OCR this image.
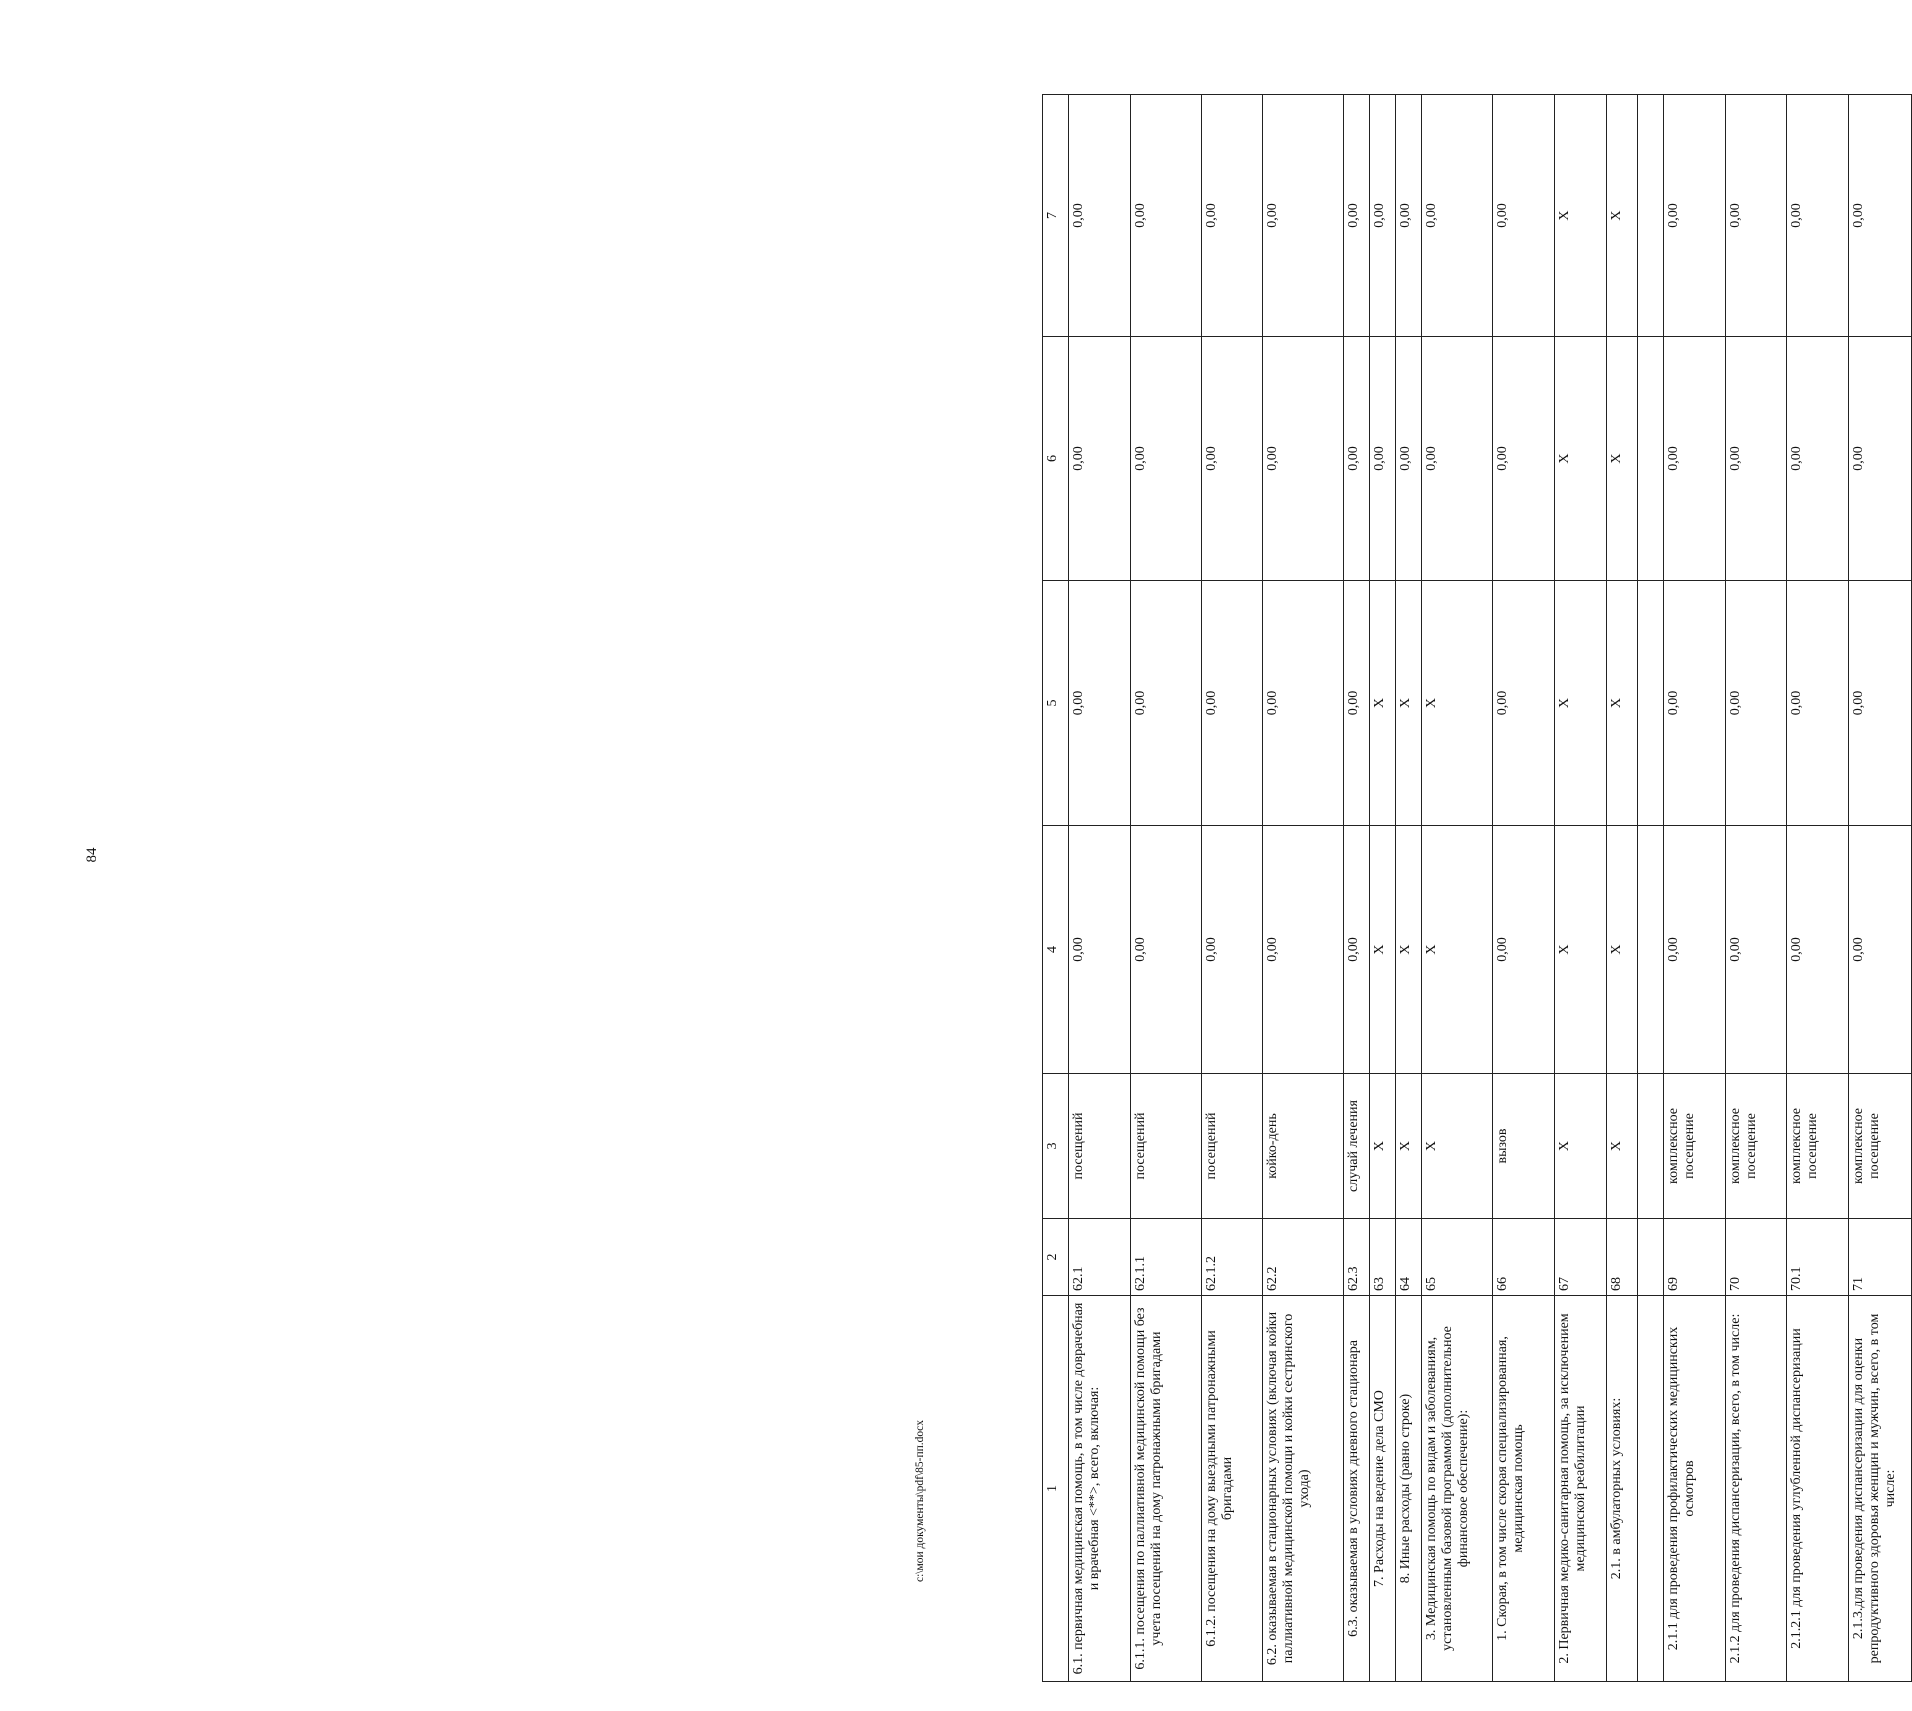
84
1	2	3	4	5	6	7
6.1. первичная медицинская помощь, в том числе доврачебная и врачебная <**>, всего, включая:	62.1	посещений	0,00	0,00	0,00	0,00
6.1.1. посещения по паллиативной медицинской помощи без учета посещений на дому патронажными бригадами	62.1.1	посещений	0,00	0,00	0,00	0,00
6.1.2. посещения на дому выездными патронажными бригадами	62.1.2	посещений	0,00	0,00	0,00	0,00
6.2. оказываемая в стационарных условиях (включая койки паллиативной медицинской помощи и койки сестринского ухода)	62.2	койко-день	0,00	0,00	0,00	0,00
6.3. оказываемая в условиях дневного стационара	62.3	случай лечения	0,00	0,00	0,00	0,00
7. Расходы на ведение дела СМО	63	X	X	X	0,00	0,00
8. Иные расходы (равно строке)	64	X	X	X	0,00	0,00
3. Медицинская помощь по видам и заболеваниям, установленным базовой программой (дополнительное финансовое обеспечение):	65	X	X	X	0,00	0,00
1. Скорая, в том числе скорая специализированная, медицинская помощь	66	вызов	0,00	0,00	0,00	0,00
2. Первичная медико-санитарная помощь, за исключением медицинской реабилитации	67	X	X	X	X	X
2.1. в амбулаторных условиях:	68	X	X	X	X	X

2.1.1 для проведения профилактических медицинских осмотров	69	комплексное посещение	0,00	0,00	0,00	0,00
2.1.2 для проведения диспансеризации, всего, в том числе:	70	комплексное посещение	0,00	0,00	0,00	0,00
2.1.2.1 для проведения углубленной диспансеризации	70.1	комплексное посещение	0,00	0,00	0,00	0,00
2.1.3.для проведения диспансеризации для оценки репродуктивного здоровья женщин и мужчин, всего, в том числе:	71	комплексное посещение	0,00	0,00	0,00	0,00
c:\мои документы\pdf\85-пп.docx
